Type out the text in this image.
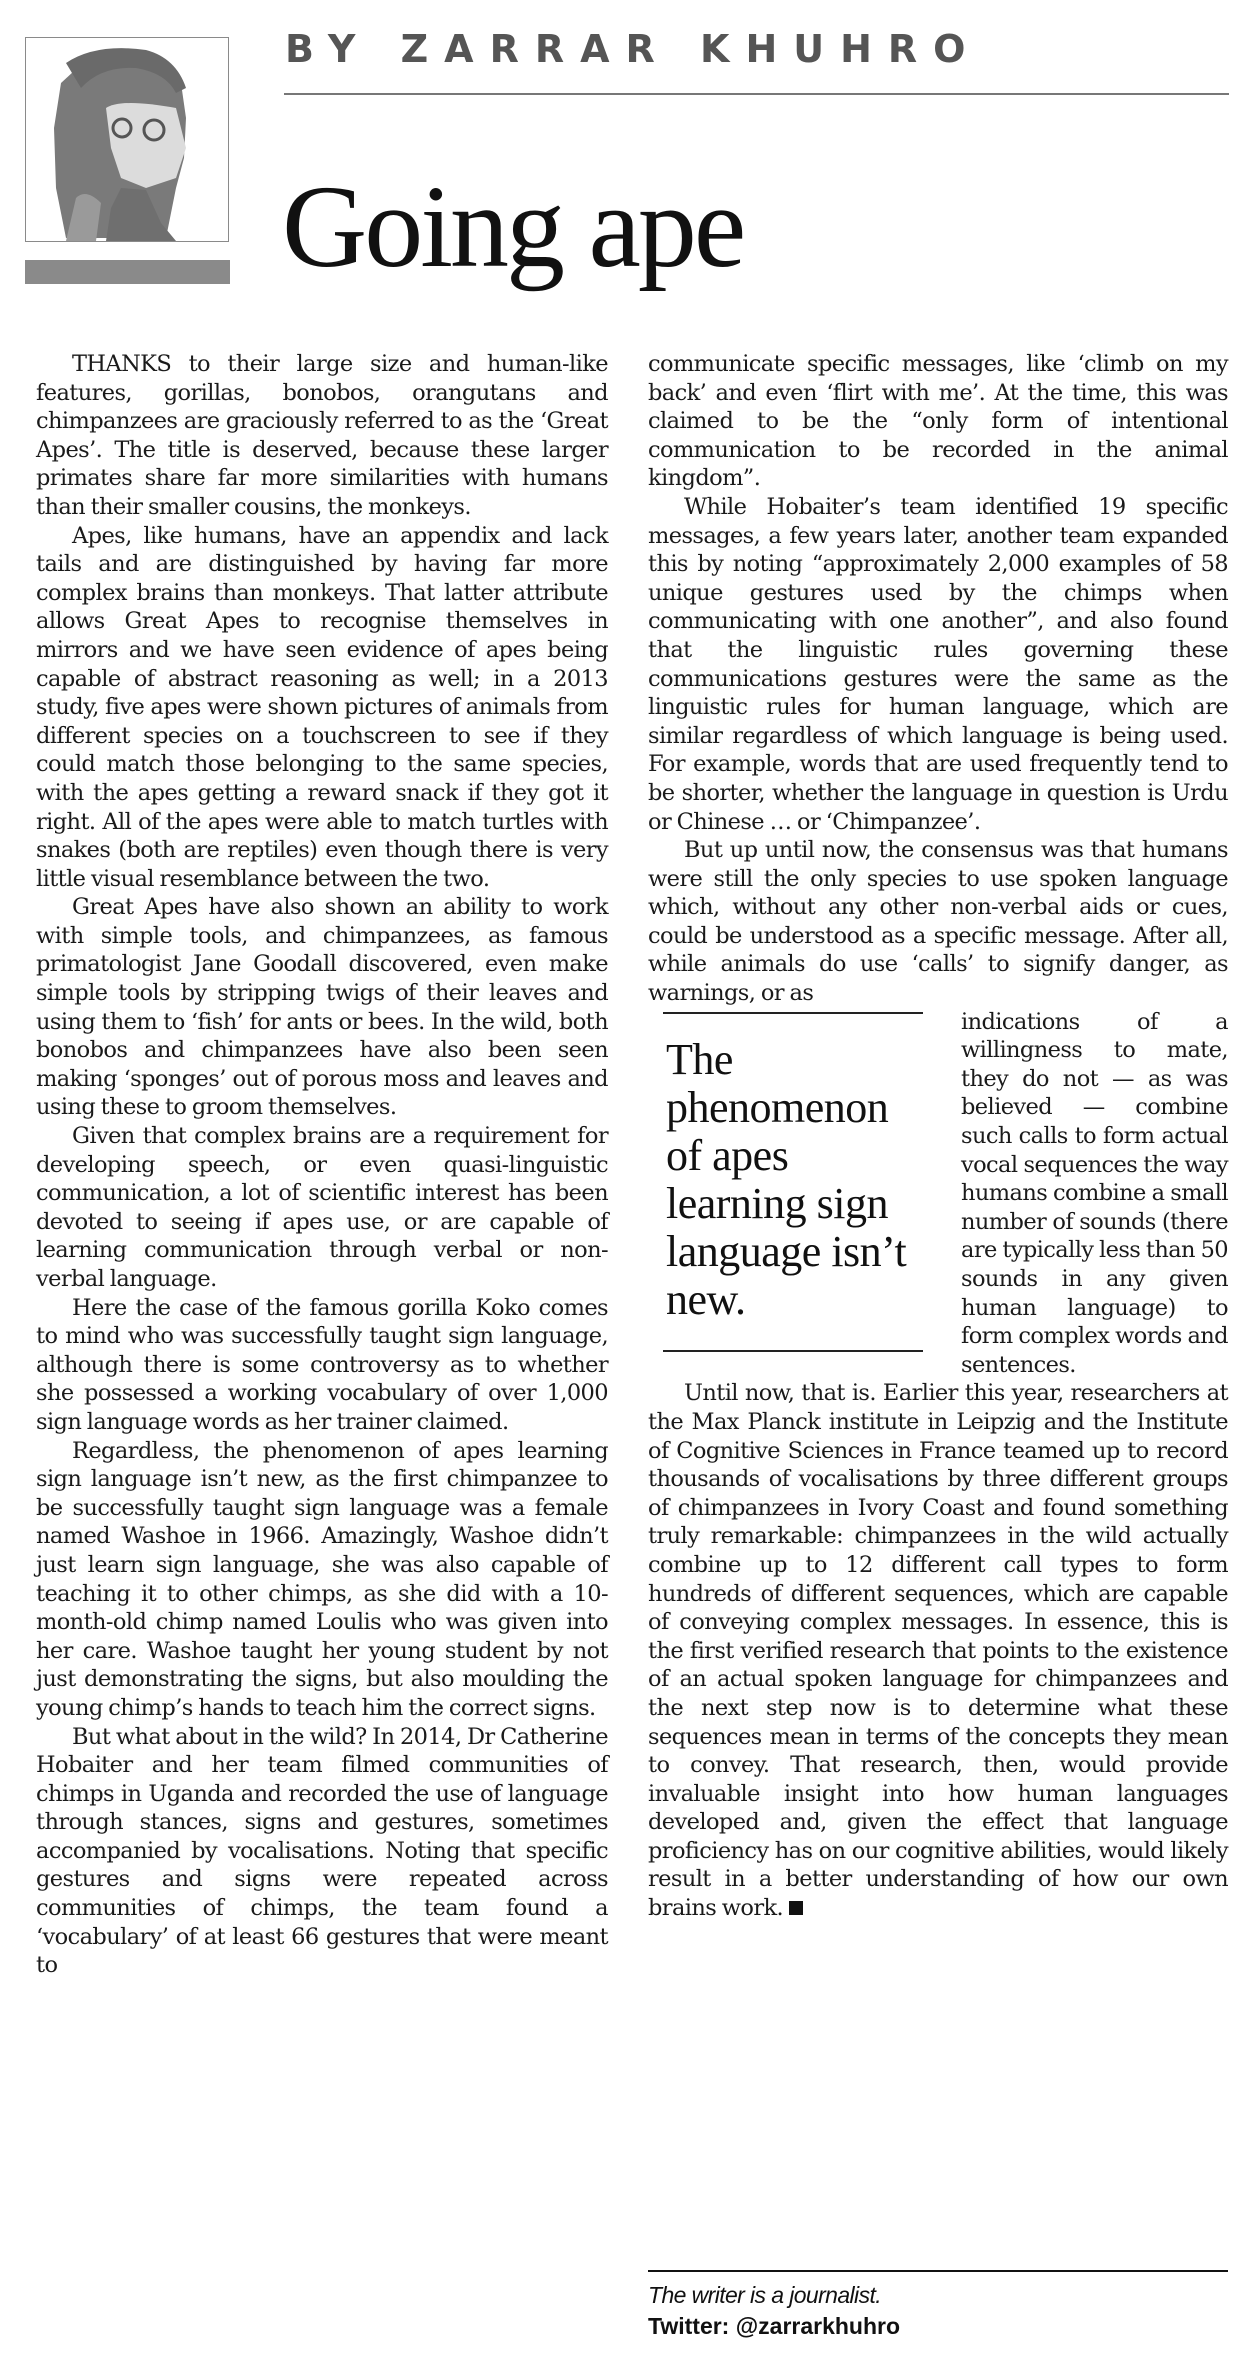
BY ZARRAR KHUHRO
Going ape

THANKS to their large size and human-like features, gorillas, bonobos, orangutans and chimpanzees are graciously referred to as the ‘Great Apes’. The title is deserved, because these larger primates share far more similarities with humans than their smaller cousins, the monkeys.

Apes, like humans, have an appendix and lack tails and are distinguished by having far more complex brains than monkeys. That latter attribute allows Great Apes to recognise themselves in mirrors and we have seen evidence of apes being capable of abstract reasoning as well; in a 2013 study, five apes were shown pictures of animals from different species on a touchscreen to see if they could match those belonging to the same species, with the apes getting a reward snack if they got it right. All of the apes were able to match turtles with snakes (both are reptiles) even though there is very little visual resemblance between the two.

Great Apes have also shown an ability to work with simple tools, and chimpanzees, as famous primatologist Jane Goodall discovered, even make simple tools by stripping twigs of their leaves and using them to ‘fish’ for ants or bees. In the wild, both bonobos and chimpanzees have also been seen making ‘sponges’ out of porous moss and leaves and using these to groom themselves.

Given that complex brains are a requirement for developing speech, or even quasi-linguistic communication, a lot of scientific interest has been devoted to seeing if apes use, or are capable of learning communication through verbal or non-verbal language.

Here the case of the famous gorilla Koko comes to mind who was successfully taught sign language, although there is some controversy as to whether she possessed a working vocabulary of over 1,000 sign language words as her trainer claimed.

Regardless, the phenomenon of apes learning sign language isn’t new, as the first chimpanzee to be successfully taught sign language was a female named Washoe in 1966. Amazingly, Washoe didn’t just learn sign language, she was also capable of teaching it to other chimps, as she did with a 10-month-old chimp named Loulis who was given into her care. Washoe taught her young student by not just demonstrating the signs, but also moulding the young chimp’s hands to teach him the correct signs.

But what about in the wild? In 2014, Dr Catherine Hobaiter and her team filmed communities of chimps in Uganda and recorded the use of language through stances, signs and gestures, sometimes accompanied by vocalisations. Noting that specific gestures and signs were repeated across communities of chimps, the team found a ‘vocabulary’ of at least 66 gestures that were meant to

communicate specific messages, like ‘climb on my back’ and even ‘flirt with me’. At the time, this was claimed to be the “only form of intentional communication to be recorded in the animal kingdom”.

While Hobaiter’s team identified 19 specific messages, a few years later, another team expanded this by noting “approximately 2,000 examples of 58 unique gestures used by the chimps when communicating with one another”, and also found that the linguistic rules governing these communications gestures were the same as the linguistic rules for human language, which are similar regardless of which language is being used. For example, words that are used frequently tend to be shorter, whether the language in question is Urdu or Chinese … or ‘Chimpanzee’.

But up until now, the consensus was that humans were still the only species to use spoken language which, without any other non-verbal aids or cues, could be understood as a specific message. After all, while animals do use ‘calls’ to signify danger, as warnings, or as

The phenomenon of apes learning sign language isn’t new.

indications of a willingness to mate, they do not — as was believed — combine such calls to form actual vocal sequences the way humans combine a small number of sounds (there are typically less than 50 sounds in any given human language) to form complex words and sentences.

Until now, that is. Earlier this year, researchers at the Max Planck institute in Leipzig and the Institute of Cognitive Sciences in France teamed up to record thousands of vocalisations by three different groups of chimpanzees in Ivory Coast and found something truly remarkable: chimpanzees in the wild actually combine up to 12 different call types to form hundreds of different sequences, which are capable of conveying complex messages. In essence, this is the first verified research that points to the existence of an actual spoken language for chimpanzees and the next step now is to determine what these sequences mean in terms of the concepts they mean to convey. That research, then, would provide invaluable insight into how human languages developed and, given the effect that language proficiency has on our cognitive abilities, would likely result in a better understanding of how our own brains work.

The writer is a journalist.
Twitter: @zarrarkhuhro
